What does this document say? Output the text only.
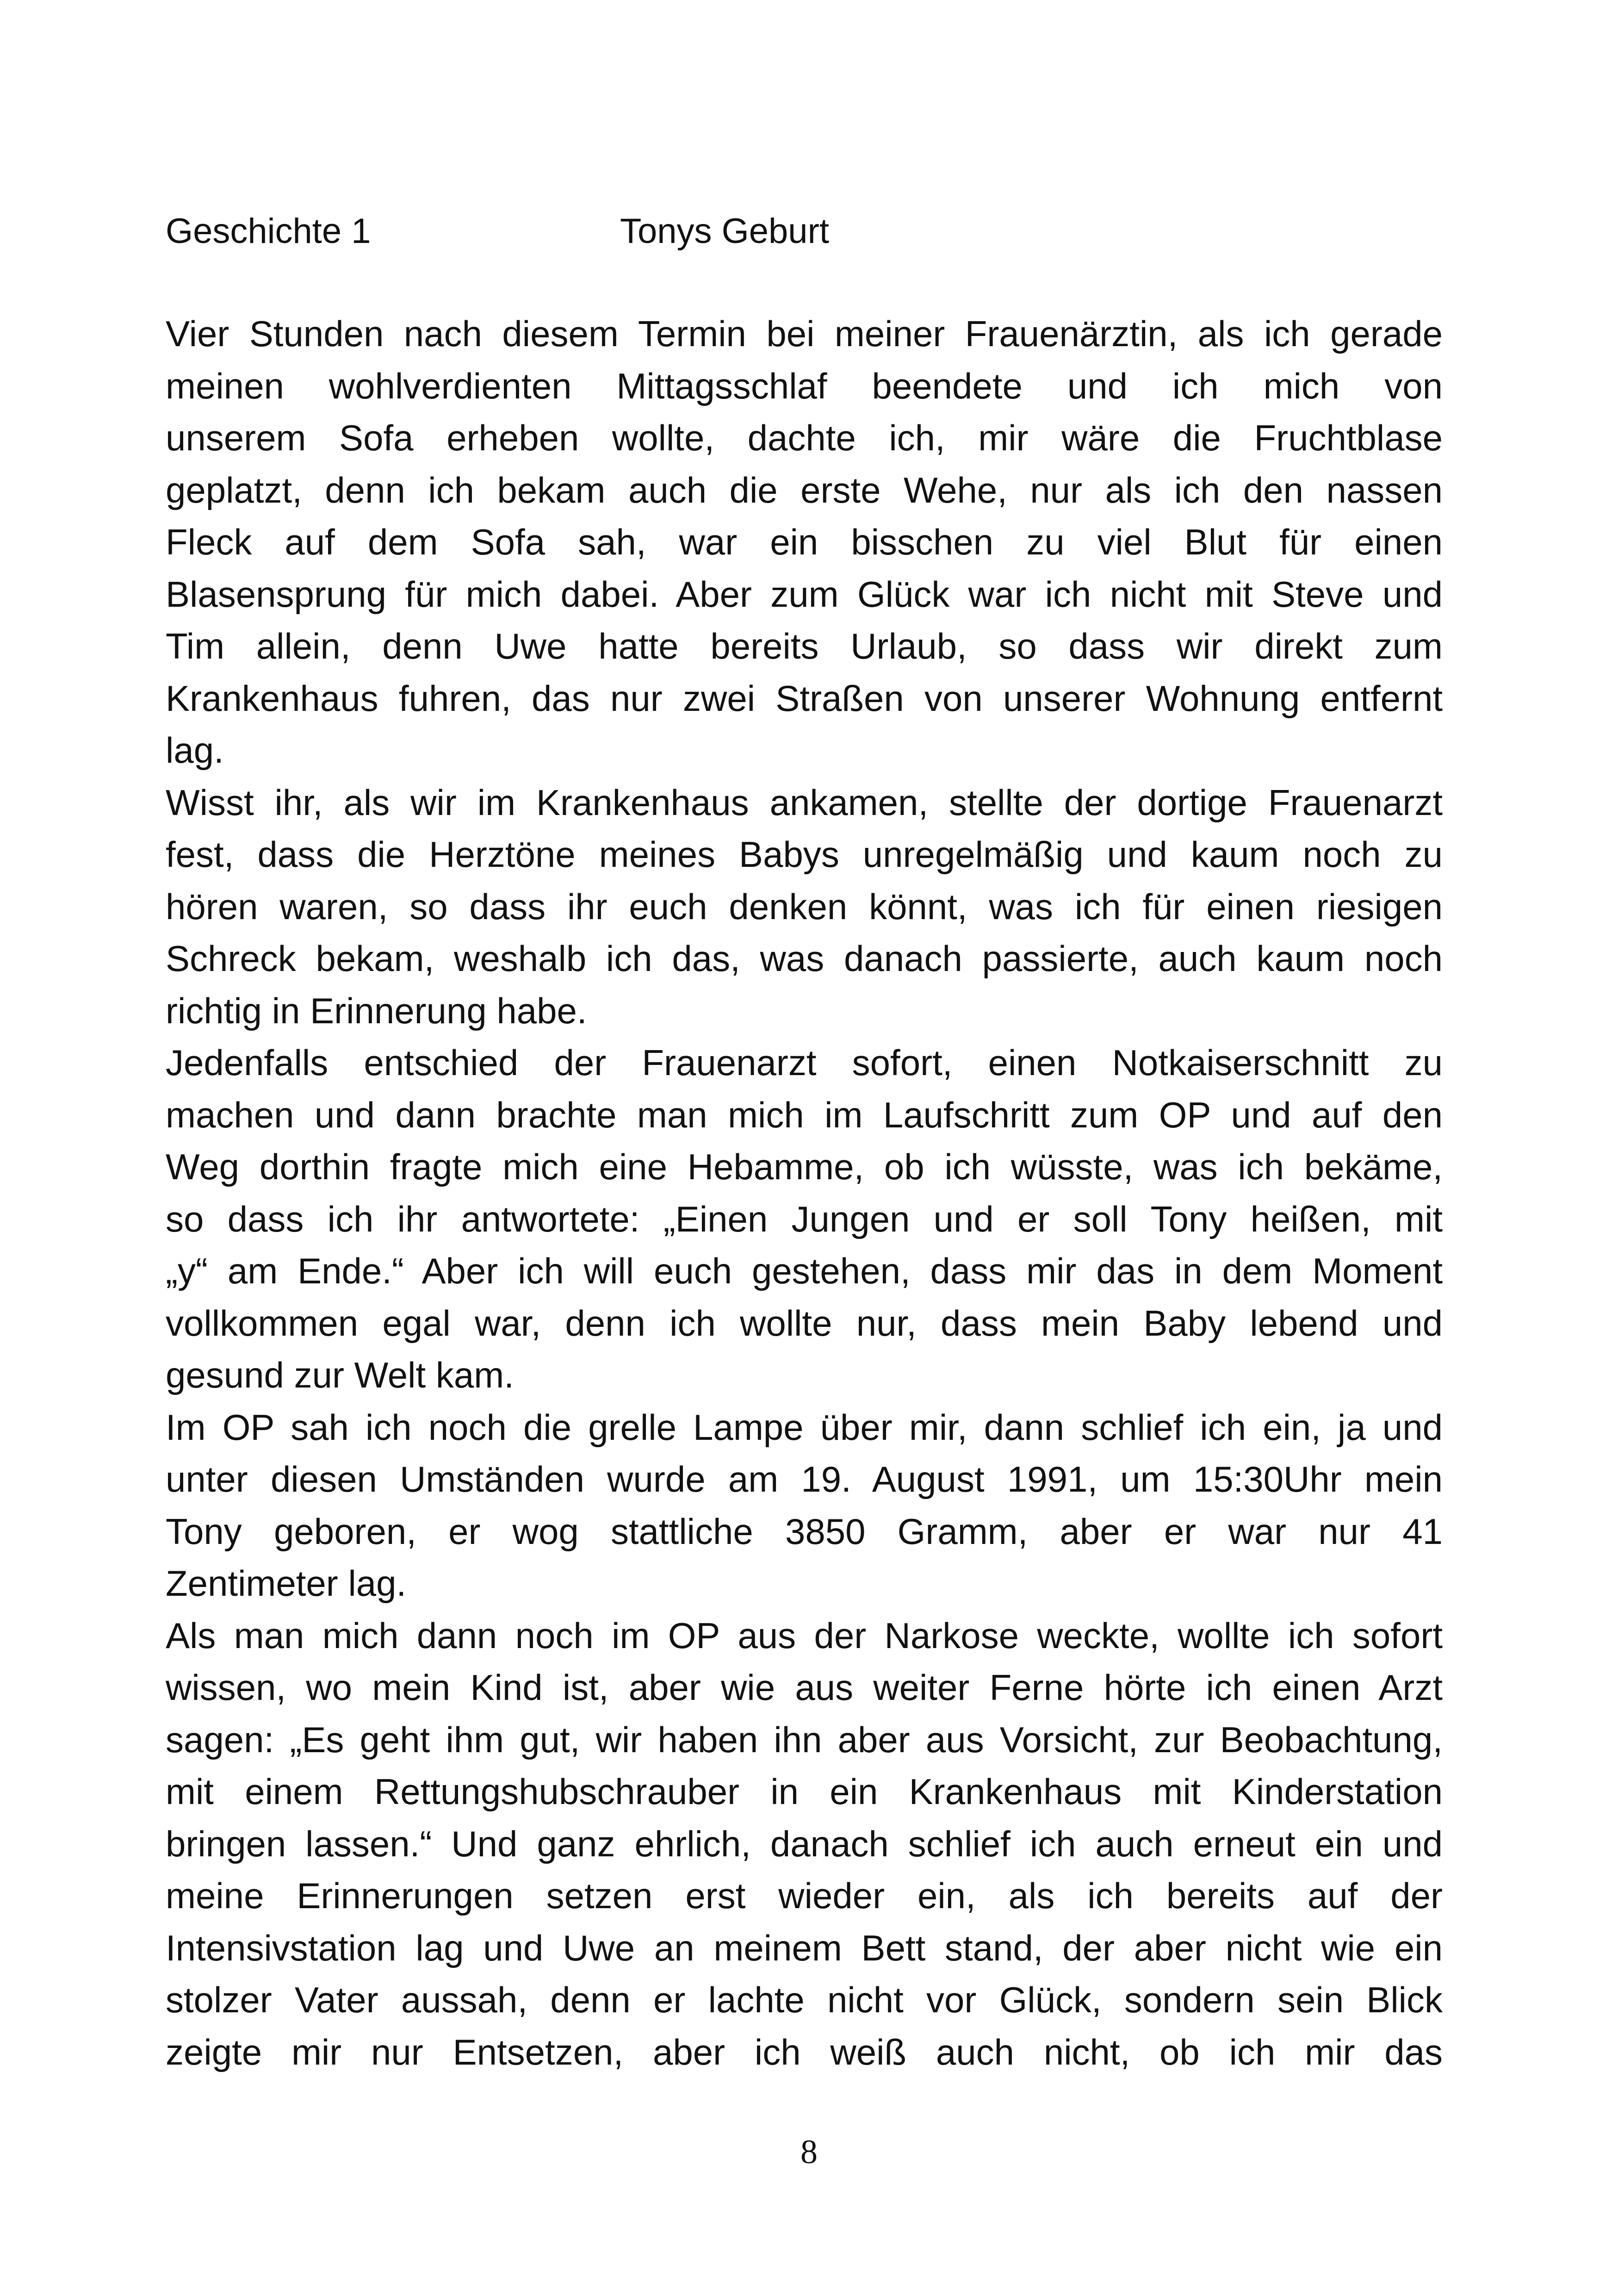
Geschichte 1	Tonys Geburt
Vier Stunden nach diesem Termin bei meiner Frauenärztin, als ich gerade
meinen wohlverdienten Mittagsschlaf beendete und ich mich von
unserem Sofa erheben wollte, dachte ich, mir wäre die Fruchtblase
geplatzt, denn ich bekam auch die erste Wehe, nur als ich den nassen
Fleck auf dem Sofa sah, war ein bisschen zu viel Blut für einen
Blasensprung für mich dabei. Aber zum Glück war ich nicht mit Steve und
Tim allein, denn Uwe hatte bereits Urlaub, so dass wir direkt zum
Krankenhaus fuhren, das nur zwei Straßen von unserer Wohnung entfernt
lag.
Wisst ihr, als wir im Krankenhaus ankamen, stellte der dortige Frauenarzt
fest, dass die Herztöne meines Babys unregelmäßig und kaum noch zu
hören waren, so dass ihr euch denken könnt, was ich für einen riesigen
Schreck bekam, weshalb ich das, was danach passierte, auch kaum noch
richtig in Erinnerung habe.
Jedenfalls entschied der Frauenarzt sofort, einen Notkaiserschnitt zu
machen und dann brachte man mich im Laufschritt zum OP und auf den
Weg dorthin fragte mich eine Hebamme, ob ich wüsste, was ich bekäme,
so dass ich ihr antwortete: „Einen Jungen und er soll Tony heißen, mit
„y“ am Ende.“ Aber ich will euch gestehen, dass mir das in dem Moment
vollkommen egal war, denn ich wollte nur, dass mein Baby lebend und
gesund zur Welt kam.
Im OP sah ich noch die grelle Lampe über mir, dann schlief ich ein, ja und
unter diesen Umständen wurde am 19. August 1991, um 15:30Uhr mein
Tony geboren, er wog stattliche 3850 Gramm, aber er war nur 41
Zentimeter lag.
Als man mich dann noch im OP aus der Narkose weckte, wollte ich sofort
wissen, wo mein Kind ist, aber wie aus weiter Ferne hörte ich einen Arzt
sagen: „Es geht ihm gut, wir haben ihn aber aus Vorsicht, zur Beobachtung,
mit einem Rettungshubschrauber in ein Krankenhaus mit Kinderstation
bringen lassen.“ Und ganz ehrlich, danach schlief ich auch erneut ein und
meine Erinnerungen setzen erst wieder ein, als ich bereits auf der
Intensivstation lag und Uwe an meinem Bett stand, der aber nicht wie ein
stolzer Vater aussah, denn er lachte nicht vor Glück, sondern sein Blick
zeigte mir nur Entsetzen, aber ich weiß auch nicht, ob ich mir das
8
